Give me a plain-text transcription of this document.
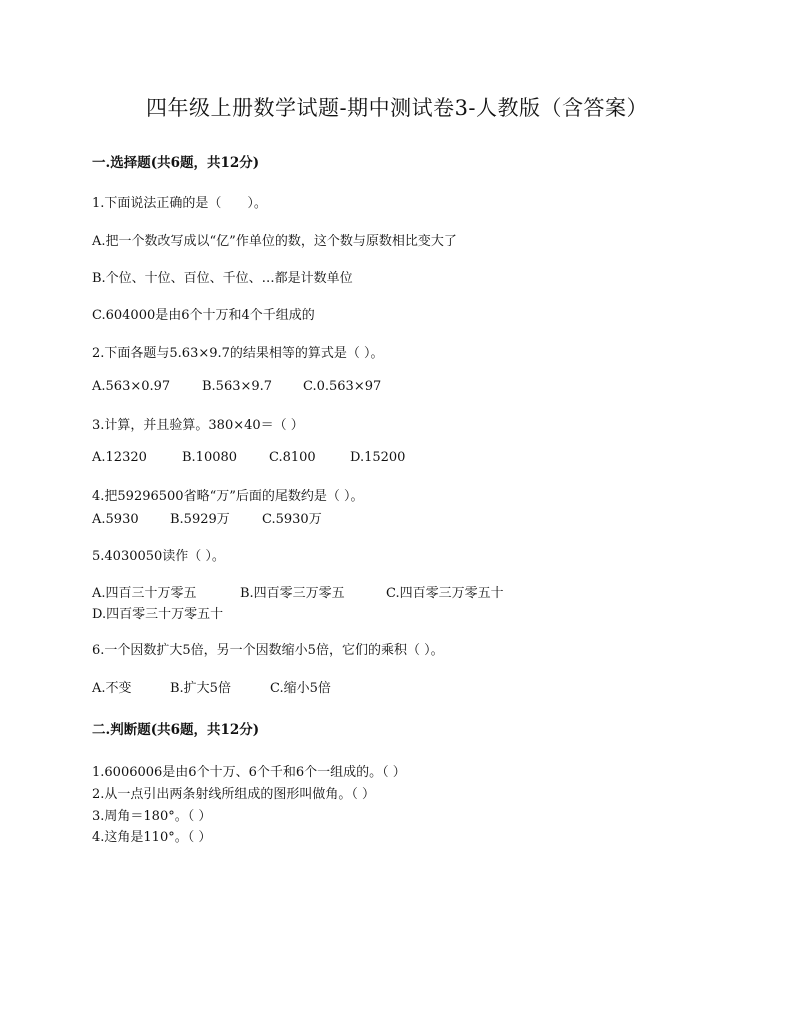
四年级上册数学试题-期中测试卷3-人教版（含答案）
一.选择题(共6题，共12分)
1.下面说法正确的是（　　）。
A.把一个数改写成以“亿”作单位的数，这个数与原数相比变大了
B.个位、十位、百位、千位、…都是计数单位
C.604000是由6个十万和4个千组成的
2.下面各题与5.63×9.7的结果相等的算式是（ ）。
A.563×0.97 B.563×9.7 C.0.563×97
3.计算，并且验算。380×40＝（ ）
A.12320	B.10080 C.8100	D.15200
4.把59296500省略“万”后面的尾数约是（ ）。
A.5930 B.5929万 C.5930万
5.4030050读作（ ）。
A.四百三十万零五	B.四百零三万零五	C.四百零三万零五十
D.四百零三十万零五十
6.一个因数扩大5倍，另一个因数缩小5倍，它们的乘积（ ）。
A.不变	B.扩大5倍	C.缩小5倍
二.判断题(共6题，共12分)
1.6006006是由6个十万、6个千和6个一组成的。（ ）
2.从一点引出两条射线所组成的图形叫做角。（ ）
3.周角＝180°。（ ）
4.这角是110°。（ ）
